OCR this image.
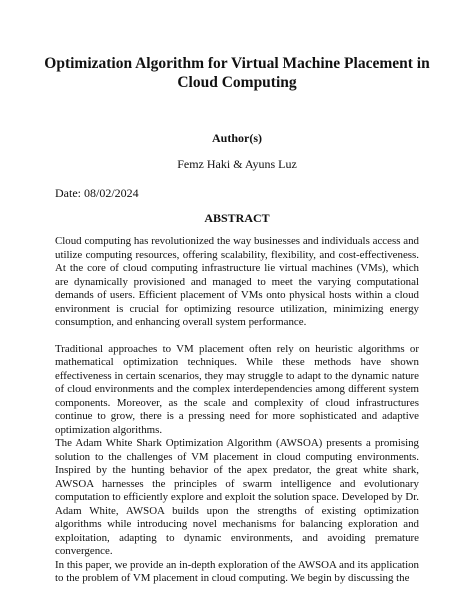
Optimization Algorithm for Virtual Machine Placement in Cloud Computing
Author(s)
Femz Haki & Ayuns Luz
Date: 08/02/2024
ABSTRACT

Cloud computing has revolutionized the way businesses and individuals access and utilize computing resources, offering scalability, flexibility, and cost-effectiveness. At the core of cloud computing infrastructure lie virtual machines (VMs), which are dynamically provisioned and managed to meet the varying computational demands of users. Efficient placement of VMs onto physical hosts within a cloud environment is crucial for optimizing resource utilization, minimizing energy consumption, and enhancing overall system performance.

Traditional approaches to VM placement often rely on heuristic algorithms or mathematical optimization techniques. While these methods have shown effectiveness in certain scenarios, they may struggle to adapt to the dynamic nature of cloud environments and the complex interdependencies among different system components. Moreover, as the scale and complexity of cloud infrastructures continue to grow, there is a pressing need for more sophisticated and adaptive optimization algorithms.

The Adam White Shark Optimization Algorithm (AWSOA) presents a promising solution to the challenges of VM placement in cloud computing environments. Inspired by the hunting behavior of the apex predator, the great white shark, AWSOA harnesses the principles of swarm intelligence and evolutionary computation to efficiently explore and exploit the solution space. Developed by Dr. Adam White, AWSOA builds upon the strengths of existing optimization algorithms while introducing novel mechanisms for balancing exploration and exploitation, adapting to dynamic environments, and avoiding premature convergence.

In this paper, we provide an in-depth exploration of the AWSOA and its application to the problem of VM placement in cloud computing. We begin by discussing the
